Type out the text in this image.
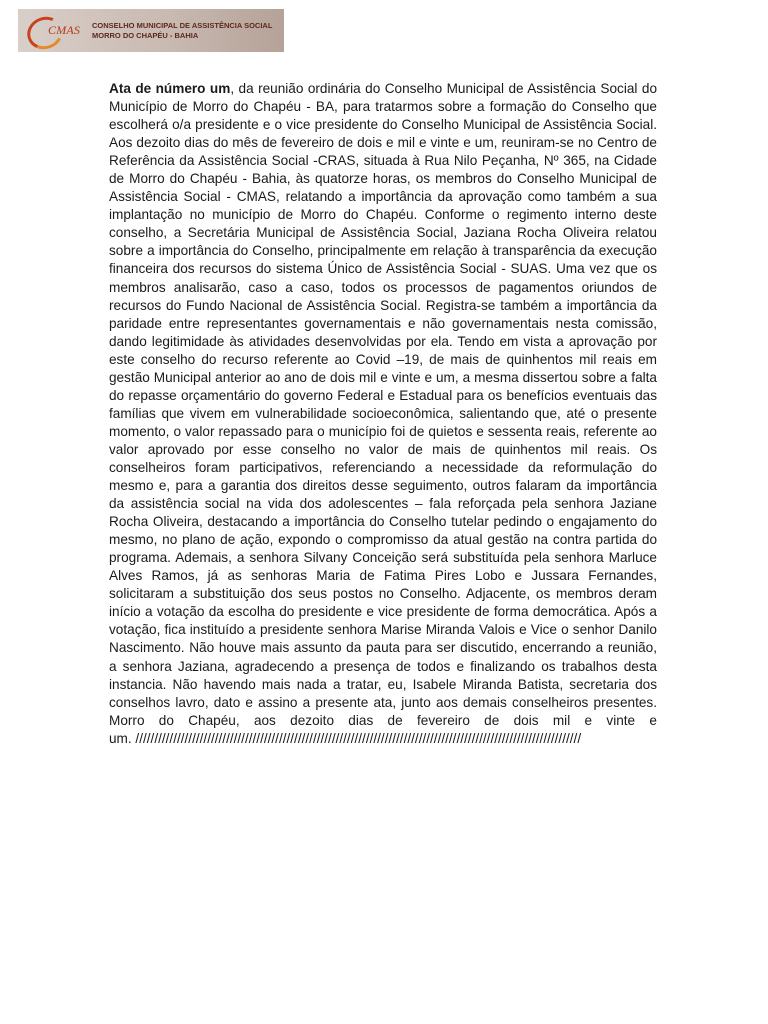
CMAS CONSELHO MUNICIPAL DE ASSISTÊNCIA SOCIAL
MORRO DO CHAPÉU - BAHIA
Ata de número um, da reunião ordinária do Conselho Municipal de Assistência Social do Município de Morro do Chapéu - BA, para tratarmos sobre a formação do Conselho que escolherá o/a presidente e o vice presidente do Conselho Municipal de Assistência Social. Aos dezoito dias do mês de fevereiro de dois e mil e vinte e um, reuniram-se no Centro de Referência da Assistência Social -CRAS, situada à Rua Nilo Peçanha, Nº 365, na Cidade de Morro do Chapéu - Bahia, às quatorze horas, os membros do Conselho Municipal de Assistência Social - CMAS, relatando a importância da aprovação como também a sua implantação no município de Morro do Chapéu. Conforme o regimento interno deste conselho, a Secretária Municipal de Assistência Social, Jaziana Rocha Oliveira relatou sobre a importância do Conselho, principalmente em relação à transparência da execução financeira dos recursos do sistema Único de Assistência Social - SUAS. Uma vez que os membros analisarão, caso a caso, todos os processos de pagamentos oriundos de recursos do Fundo Nacional de Assistência Social. Registra-se também a importância da paridade entre representantes governamentais e não governamentais nesta comissão, dando legitimidade às atividades desenvolvidas por ela. Tendo em vista a aprovação por este conselho do recurso referente ao Covid –19, de mais de quinhentos mil reais em gestão Municipal anterior ao ano de dois mil e vinte e um, a mesma dissertou sobre a falta do repasse orçamentário do governo Federal e Estadual para os benefícios eventuais das famílias que vivem em vulnerabilidade socioeconômica, salientando que, até o presente momento, o valor repassado para o município foi de quietos e sessenta reais, referente ao valor aprovado por esse conselho no valor de mais de quinhentos mil reais. Os conselheiros foram participativos, referenciando a necessidade da reformulação do mesmo e, para a garantia dos direitos desse seguimento, outros falaram da importância da assistência social na vida dos adolescentes – fala reforçada pela senhora Jaziane Rocha Oliveira, destacando a importância do Conselho tutelar pedindo o engajamento do mesmo, no plano de ação, expondo o compromisso da atual gestão na contra partida do programa. Ademais, a senhora Silvany Conceição será substituída pela senhora Marluce Alves Ramos, já as senhoras Maria de Fatima Pires Lobo e Jussara Fernandes, solicitaram a substituição dos seus postos no Conselho. Adjacente, os membros deram início a votação da escolha do presidente e vice presidente de forma democrática. Após a votação, fica instituído a presidente senhora Marise Miranda Valois e Vice o senhor Danilo Nascimento. Não houve mais assunto da pauta para ser discutido, encerrando a reunião, a senhora Jaziana, agradecendo a presença de todos e finalizando os trabalhos desta instancia. Não havendo mais nada a tratar, eu, Isabele Miranda Batista, secretaria dos conselhos lavro, dato e assino a presente ata, junto aos demais conselheiros presentes. Morro do Chapéu, aos dezoito dias de fevereiro de dois mil e vinte e
um. //////////////////////////////////////////////////////////////////////////////////////////////////////////////////////
